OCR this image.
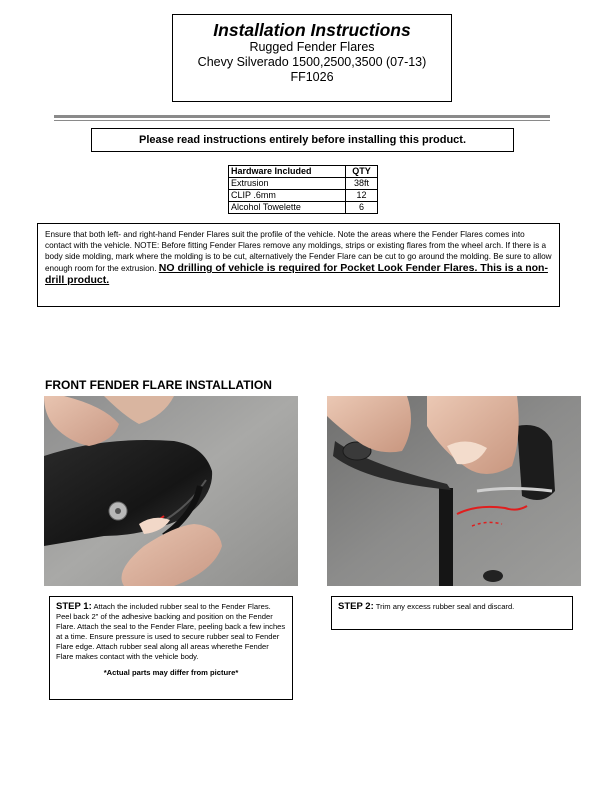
Installation Instructions
Rugged Fender Flares
Chevy Silverado 1500,2500,3500 (07-13)
FF1026
Please read instructions entirely before installing this product.
Hardware Included	QTY
Extrusion	38ft
CLIP .6mm	12
Alcohol Towelette	6
Ensure that both left- and right-hand Fender Flares suit the profile of the vehicle. Note the areas where the Fender Flares comes into contact with the vehicle. NOTE: Before fitting Fender Flares remove any moldings, strips or existing flares from the wheel arch. If there is a body side molding, mark where the molding is to be cut, alternatively the Fender Flare can be cut to go around the molding. Be sure to allow enough room for the extrusion. NO drilling of vehicle is required for Pocket Look Fender Flares. This is a non-drill product.
FRONT FENDER FLARE INSTALLATION
STEP 1: Attach the included rubber seal to the Fender Flares. Peel back 2" of the adhesive backing and position on the Fender Flare. Attach the seal to the Fender Flare, peeling back a few inches at a time. Ensure pressure is used to secure rubber seal to Fender Flare edge. Attach rubber seal along all areas wherethe Fender Flare makes contact with the vehicle body.
*Actual parts may differ from picture*
STEP 2: Trim any excess rubber seal and discard.
